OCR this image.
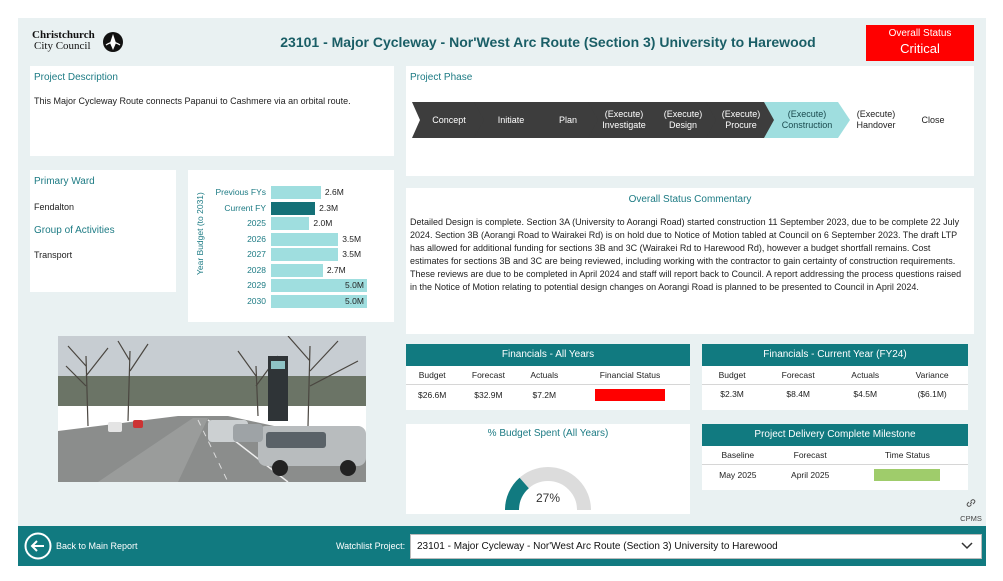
Christchurch
City Council	23101 - Major Cycleway - Nor'West Arc Route (Section 3) University to Harewood
Overall Status
Critical
Project Description
This Major Cycleway Route connects Papanui to Cashmere via an orbital route.
Project Phase
Concept	Initiate	Plan
(Execute) Investigate
(Execute) Design
(Execute) Procure
(Execute) Construction
(Execute) Handover
Close
Primary Ward
Fendalton
Group of Activities
Transport	Year Budget (to 2031)
Previous FYs	2.6M
Current FY	2.3M
2025	2.0M
2026	3.5M
2027	3.5M
2028	2.7M
2029	5.0M
2030	5.0M
Overall Status Commentary
Detailed Design is complete. Section 3A (University to Aorangi Road) started construction 11 September 2023, due to be complete 22 July 2024. Section 3B (Aorangi Road to Wairakei Rd) is on hold due to Notice of Motion tabled at Council on 6 September 2023. The draft LTP has allowed for additional funding for sections 3B and 3C (Wairakei Rd to Harewood Rd), however a budget shortfall remains. Cost estimates for sections 3B and 3C are being reviewed, including working with the contractor to gain certainty of construction requirements. These reviews are due to be completed in April 2024 and staff will report back to Council. A report addressing the process questions raised in the Notice of Motion relating to potential design changes on Aorangi Road is planned to be presented to Council in April 2024.
Financials - All Years
Budget	Forecast	Actuals	Financial Status
$26.6M	$32.9M	$7.2M	
Financials - Current Year (FY24)
Budget	Forecast	Actuals	Variance
$2.3M	$8.4M	$4.5M	($6.1M)
% Budget Spent (All Years)
27%
Project Delivery Complete Milestone
Baseline	Forecast	Time Status
May 2025	April 2025	
CPMS
Back to Main Report	Watchlist Project:	23101 - Major Cycleway - Nor'West Arc Route (Section 3) University to Harewood
